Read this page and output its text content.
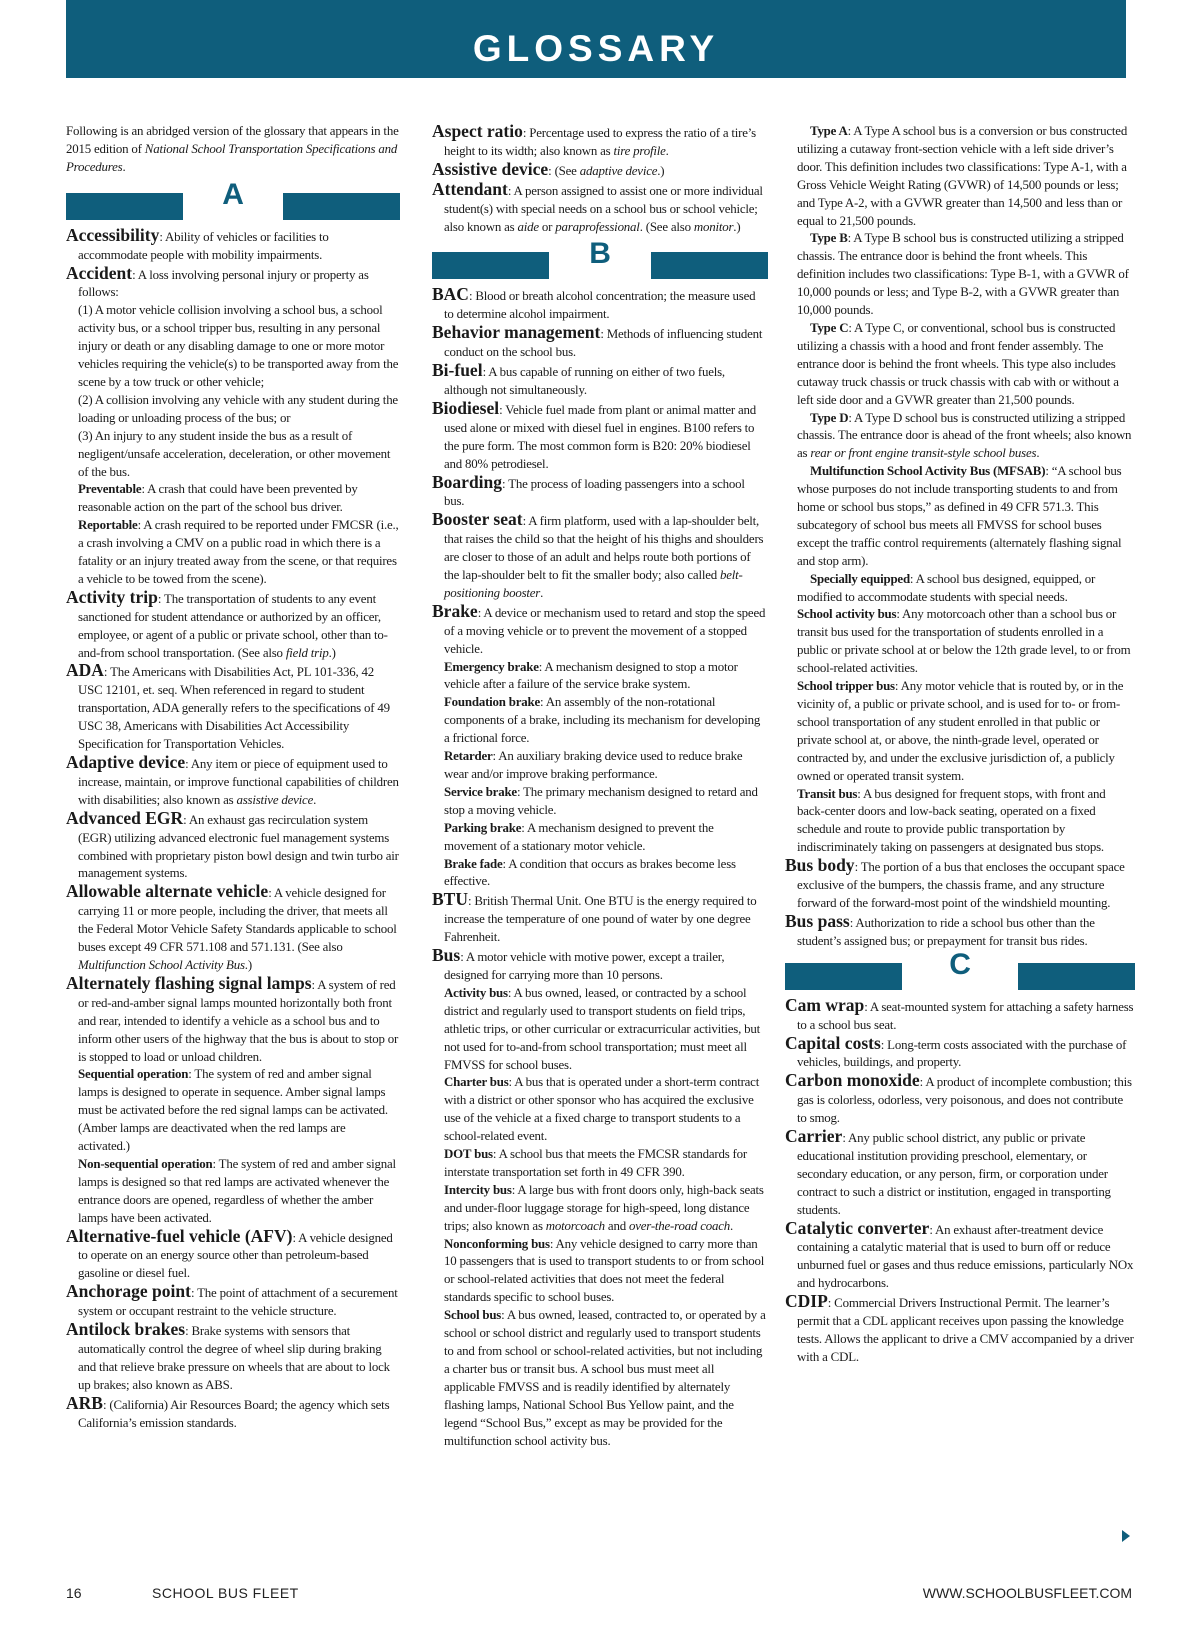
GLOSSARY

Following is an abridged version of the glossary that appears in the 2015 edition of National School Transportation Specifications and Procedures.

A

Accessibility: Ability of vehicles or facilities to accommodate people with mobility impairments.

Accident: A loss involving personal injury or property as follows:

(1) A motor vehicle collision involving a school bus, a school activity bus, or a school tripper bus, resulting in any personal injury or death or any disabling damage to one or more motor vehicles requiring the vehicle(s) to be transported away from the scene by a tow truck or other vehicle;

(2) A collision involving any vehicle with any student during the loading or unloading process of the bus; or

(3) An injury to any student inside the bus as a result of negligent/unsafe acceleration, deceleration, or other movement of the bus.

Preventable: A crash that could have been prevented by reasonable action on the part of the school bus driver.

Reportable: A crash required to be reported under FMCSR (i.e., a crash involving a CMV on a public road in which there is a fatality or an injury treated away from the scene, or that requires a vehicle to be towed from the scene).

Activity trip: The transportation of students to any event sanctioned for student attendance or authorized by an officer, employee, or agent of a public or private school, other than to-and-from school transportation. (See also field trip.)

ADA: The Americans with Disabilities Act, PL 101-336, 42 USC 12101, et. seq. When referenced in regard to student transportation, ADA generally refers to the specifications of 49 USC 38, Americans with Disabilities Act Accessibility Specification for Transportation Vehicles.

Adaptive device: Any item or piece of equipment used to increase, maintain, or improve functional capabilities of children with disabilities; also known as assistive device.

Advanced EGR: An exhaust gas recirculation system (EGR) utilizing advanced electronic fuel management systems combined with proprietary piston bowl design and twin turbo air management systems.

Allowable alternate vehicle: A vehicle designed for carrying 11 or more people, including the driver, that meets all the Federal Motor Vehicle Safety Standards applicable to school buses except 49 CFR 571.108 and 571.131. (See also Multifunction School Activity Bus.)

Alternately flashing signal lamps: A system of red or red-and-amber signal lamps mounted horizontally both front and rear, intended to identify a vehicle as a school bus and to inform other users of the highway that the bus is about to stop or is stopped to load or unload children.

Sequential operation: The system of red and amber signal lamps is designed to operate in sequence. Amber signal lamps must be activated before the red signal lamps can be activated. (Amber lamps are deactivated when the red lamps are activated.)

Non-sequential operation: The system of red and amber signal lamps is designed so that red lamps are activated whenever the entrance doors are opened, regardless of whether the amber lamps have been activated.

Alternative-fuel vehicle (AFV): A vehicle designed to operate on an energy source other than petroleum-based gasoline or diesel fuel.

Anchorage point: The point of attachment of a securement system or occupant restraint to the vehicle structure.

Antilock brakes: Brake systems with sensors that automatically control the degree of wheel slip during braking and that relieve brake pressure on wheels that are about to lock up brakes; also known as ABS.

ARB: (California) Air Resources Board; the agency which sets California’s emission standards.

Aspect ratio: Percentage used to express the ratio of a tire’s height to its width; also known as tire profile.

Assistive device: (See adaptive device.)

Attendant: A person assigned to assist one or more individual student(s) with special needs on a school bus or school vehicle; also known as aide or paraprofessional. (See also monitor.)

B

BAC: Blood or breath alcohol concentration; the measure used to determine alcohol impairment.

Behavior management: Methods of influencing student conduct on the school bus.

Bi-fuel: A bus capable of running on either of two fuels, although not simultaneously.

Biodiesel: Vehicle fuel made from plant or animal matter and used alone or mixed with diesel fuel in engines. B100 refers to the pure form. The most common form is B20: 20% biodiesel and 80% petrodiesel.

Boarding: The process of loading passengers into a school bus.

Booster seat: A firm platform, used with a lap-shoulder belt, that raises the child so that the height of his thighs and shoulders are closer to those of an adult and helps route both portions of the lap-shoulder belt to fit the smaller body; also called belt-positioning booster.

Brake: A device or mechanism used to retard and stop the speed of a moving vehicle or to prevent the movement of a stopped vehicle.

Emergency brake: A mechanism designed to stop a motor vehicle after a failure of the service brake system.

Foundation brake: An assembly of the non-rotational components of a brake, including its mechanism for developing a frictional force.

Retarder: An auxiliary braking device used to reduce brake wear and/or improve braking performance.

Service brake: The primary mechanism designed to retard and stop a moving vehicle.

Parking brake: A mechanism designed to prevent the movement of a stationary motor vehicle.

Brake fade: A condition that occurs as brakes become less effective.

BTU: British Thermal Unit. One BTU is the energy required to increase the temperature of one pound of water by one degree Fahrenheit.

Bus: A motor vehicle with motive power, except a trailer, designed for carrying more than 10 persons.

Activity bus: A bus owned, leased, or contracted by a school district and regularly used to transport students on field trips, athletic trips, or other curricular or extracurricular activities, but not used for to-and-from school transportation; must meet all FMVSS for school buses.

Charter bus: A bus that is operated under a short-term contract with a district or other sponsor who has acquired the exclusive use of the vehicle at a fixed charge to transport students to a school-related event.

DOT bus: A school bus that meets the FMCSR standards for interstate transportation set forth in 49 CFR 390.

Intercity bus: A large bus with front doors only, high-back seats and under-floor luggage storage for high-speed, long distance trips; also known as motorcoach and over-the-road coach.

Nonconforming bus: Any vehicle designed to carry more than 10 passengers that is used to transport students to or from school or school-related activities that does not meet the federal standards specific to school buses.

School bus: A bus owned, leased, contracted to, or operated by a school or school district and regularly used to transport students to and from school or school-related activities, but not including a charter bus or transit bus. A school bus must meet all applicable FMVSS and is readily identified by alternately flashing lamps, National School Bus Yellow paint, and the legend “School Bus,” except as may be provided for the multifunction school activity bus.

Type A: A Type A school bus is a conversion or bus constructed utilizing a cutaway front-section vehicle with a left side driver’s door. This definition includes two classifications: Type A-1, with a Gross Vehicle Weight Rating (GVWR) of 14,500 pounds or less; and Type A-2, with a GVWR greater than 14,500 and less than or equal to 21,500 pounds.

Type B: A Type B school bus is constructed utilizing a stripped chassis. The entrance door is behind the front wheels. This definition includes two classifications: Type B-1, with a GVWR of 10,000 pounds or less; and Type B-2, with a GVWR greater than 10,000 pounds.

Type C: A Type C, or conventional, school bus is constructed utilizing a chassis with a hood and front fender assembly. The entrance door is behind the front wheels. This type also includes cutaway truck chassis or truck chassis with cab with or without a left side door and a GVWR greater than 21,500 pounds.

Type D: A Type D school bus is constructed utilizing a stripped chassis. The entrance door is ahead of the front wheels; also known as rear or front engine transit-style school buses.

Multifunction School Activity Bus (MFSAB): “A school bus whose purposes do not include transporting students to and from home or school bus stops,” as defined in 49 CFR 571.3. This subcategory of school bus meets all FMVSS for school buses except the traffic control requirements (alternately flashing signal and stop arm).

Specially equipped: A school bus designed, equipped, or modified to accommodate students with special needs.

School activity bus: Any motorcoach other than a school bus or transit bus used for the transportation of students enrolled in a public or private school at or below the 12th grade level, to or from school-related activities.

School tripper bus: Any motor vehicle that is routed by, or in the vicinity of, a public or private school, and is used for to- or from-school transportation of any student enrolled in that public or private school at, or above, the ninth-grade level, operated or contracted by, and under the exclusive jurisdiction of, a publicly owned or operated transit system.

Transit bus: A bus designed for frequent stops, with front and back-center doors and low-back seating, operated on a fixed schedule and route to provide public transportation by indiscriminately taking on passengers at designated bus stops.

Bus body: The portion of a bus that encloses the occupant space exclusive of the bumpers, the chassis frame, and any structure forward of the forward-most point of the windshield mounting.

Bus pass: Authorization to ride a school bus other than the student’s assigned bus; or prepayment for transit bus rides.

C

Cam wrap: A seat-mounted system for attaching a safety harness to a school bus seat.

Capital costs: Long-term costs associated with the purchase of vehicles, buildings, and property.

Carbon monoxide: A product of incomplete combustion; this gas is colorless, odorless, very poisonous, and does not contribute to smog.

Carrier: Any public school district, any public or private educational institution providing preschool, elementary, or secondary education, or any person, firm, or corporation under contract to such a district or institution, engaged in transporting students.

Catalytic converter: An exhaust after-treatment device containing a catalytic material that is used to burn off or reduce unburned fuel or gases and thus reduce emissions, particularly NOx and hydrocarbons.

CDIP: Commercial Drivers Instructional Permit. The learner’s permit that a CDL applicant receives upon passing the knowledge tests. Allows the applicant to drive a CMV accompanied by a driver with a CDL.

16	SCHOOL BUS FLEET	WWW.SCHOOLBUSFLEET.COM
